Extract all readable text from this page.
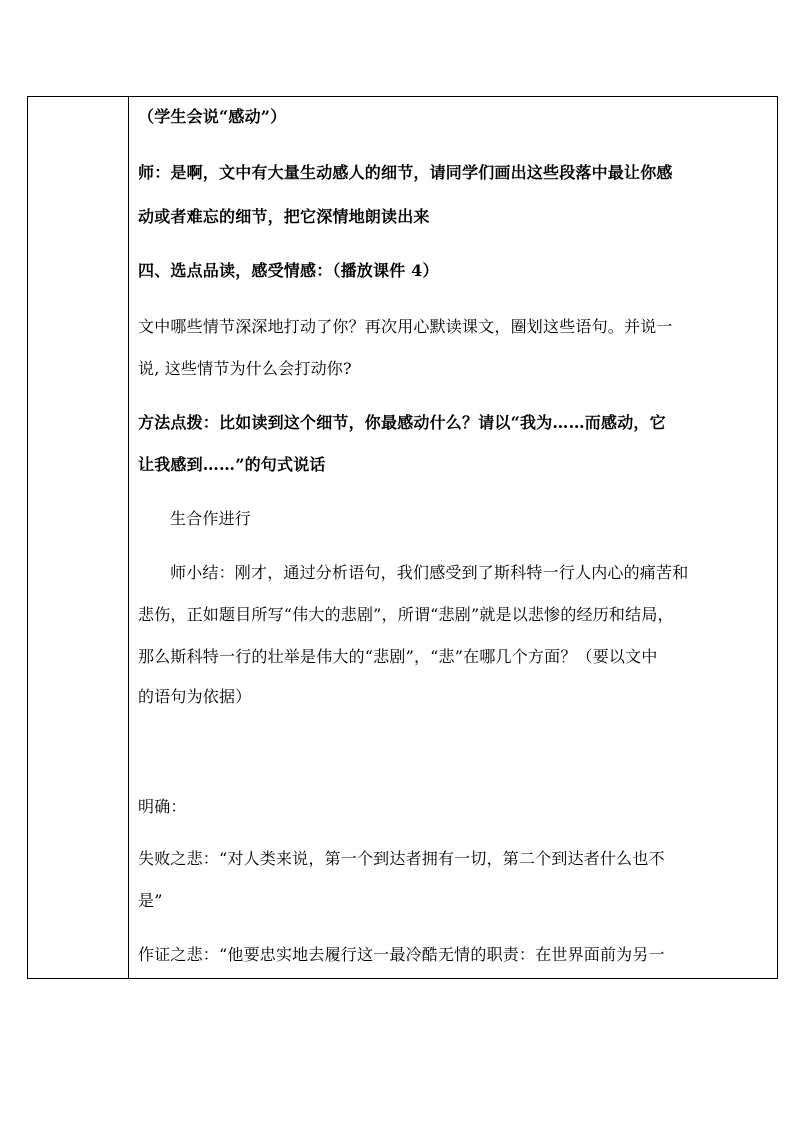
（学生会说“感动”）
师：是啊，文中有大量生动感人的细节，请同学们画出这些段落中最让你感
动或者难忘的细节，把它深情地朗读出来
四、选点品读，感受情感：（播放课件 4）
文中哪些情节深深地打动了你？再次用心默读课文，圈划这些语句。并说一
说, 这些情节为什么会打动你?
方法点拨：比如读到这个细节，你最感动什么？请以“我为……而感动，它
让我感到……”的句式说话
生合作进行
师小结：刚才，通过分析语句，我们感受到了斯科特一行人内心的痛苦和
悲伤，正如题目所写“伟大的悲剧”，所谓“悲剧”就是以悲惨的经历和结局，
那么斯科特一行的壮举是伟大的“悲剧”，“悲”在哪几个方面？（要以文中
的语句为依据）
明确：
失败之悲：“对人类来说，第一个到达者拥有一切，第二个到达者什么也不
是”
作证之悲：“他要忠实地去履行这一最冷酷无情的职责：在世界面前为另一
